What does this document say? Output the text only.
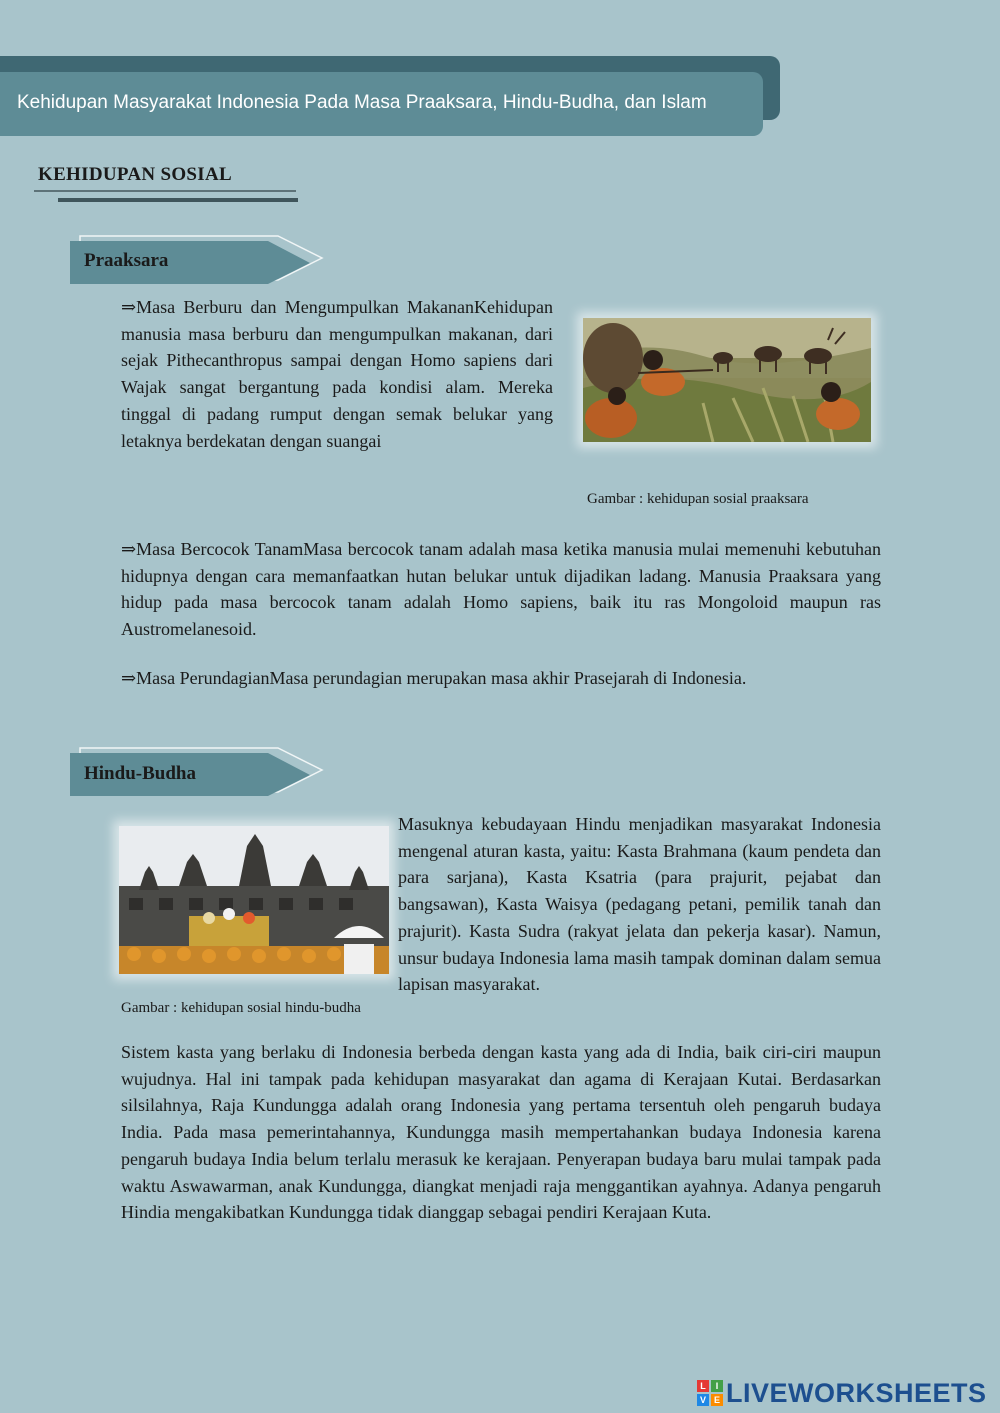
Kehidupan Masyarakat Indonesia Pada Masa Praaksara, Hindu-Budha, dan Islam
KEHIDUPAN SOSIAL
Praaksara

⇒Masa Berburu dan Mengumpulkan MakananKehidupan manusia masa berburu dan mengumpulkan makanan, dari sejak Pithecanthropus sampai dengan Homo sapiens dari Wajak sangat bergantung pada kondisi alam. Mereka tinggal di padang rumput dengan semak belukar yang letaknya berdekatan dengan suangai

Gambar : kehidupan sosial praaksara

⇒Masa Bercocok TanamMasa bercocok tanam adalah masa ketika manusia mulai memenuhi kebutuhan hidupnya dengan cara memanfaatkan hutan belukar untuk dijadikan ladang. Manusia Praaksara yang hidup pada masa bercocok tanam adalah Homo sapiens, baik itu ras Mongoloid maupun ras Austromelanesoid.

⇒Masa PerundagianMasa perundagian merupakan masa akhir Prasejarah di Indonesia.

Hindu-Budha

Masuknya kebudayaan Hindu menjadikan masyarakat Indonesia mengenal aturan kasta, yaitu: Kasta Brahmana (kaum pendeta dan para sarjana), Kasta Ksatria (para prajurit, pejabat dan bangsawan), Kasta Waisya (pedagang petani, pemilik tanah dan prajurit). Kasta Sudra (rakyat jelata dan pekerja kasar). Namun, unsur budaya Indonesia lama masih tampak dominan dalam semua lapisan masyarakat.

Gambar : kehidupan sosial hindu-budha

Sistem kasta yang berlaku di Indonesia berbeda dengan kasta yang ada di India, baik ciri-ciri maupun wujudnya. Hal ini tampak pada kehidupan masyarakat dan agama di Kerajaan Kutai. Berdasarkan silsilahnya, Raja Kundungga adalah orang Indonesia yang pertama tersentuh oleh pengaruh budaya India. Pada masa pemerintahannya, Kundungga masih mempertahankan budaya Indonesia karena pengaruh budaya India belum terlalu merasuk ke kerajaan. Penyerapan budaya baru mulai tampak pada waktu Aswawarman, anak Kundungga, diangkat menjadi raja menggantikan ayahnya. Adanya pengaruh Hindia mengakibatkan Kundungga tidak dianggap sebagai pendiri Kerajaan Kuta.

L	I
V E LIVEWORKSHEETS
